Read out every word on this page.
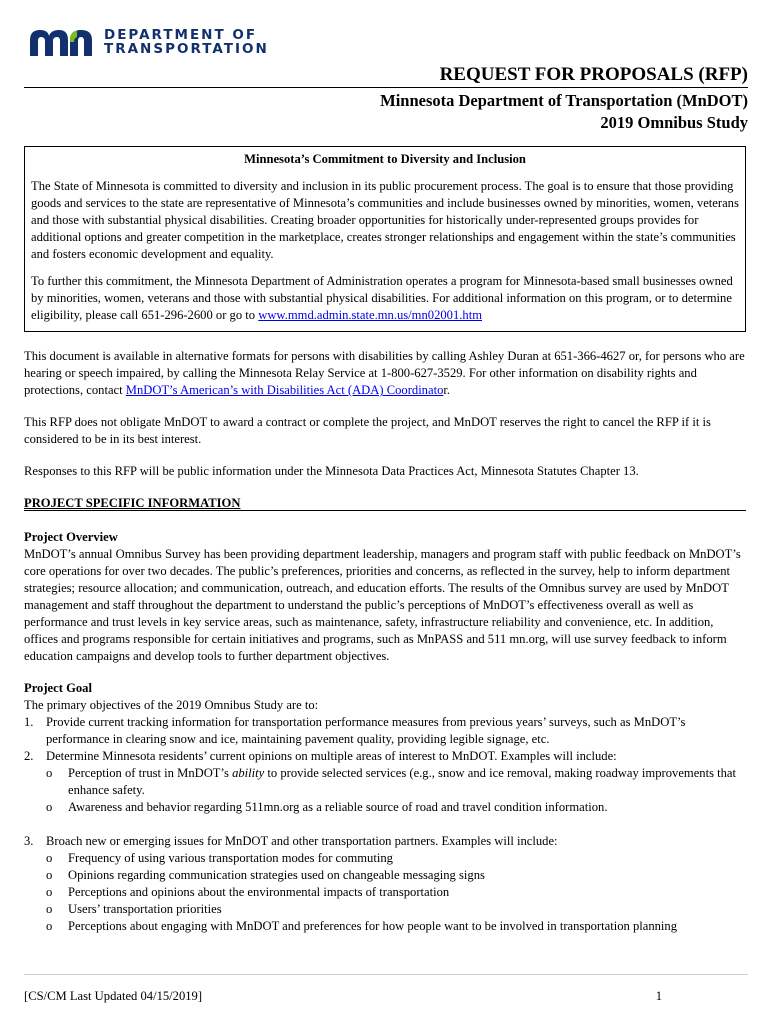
DEPARTMENT OF
TRANSPORTATION
REQUEST FOR PROPOSALS (RFP)
Minnesota Department of Transportation (MnDOT)
2019 Omnibus Study
Minnesota’s Commitment to Diversity and Inclusion

The State of Minnesota is committed to diversity and inclusion in its public procurement process. The goal is to ensure that those providing goods and services to the state are representative of Minnesota’s communities and include businesses owned by minorities, women, veterans and those with substantial physical disabilities. Creating broader opportunities for historically under-represented groups provides for additional options and greater competition in the marketplace, creates stronger relationships and engagement within the state’s communities and fosters economic development and equality.

To further this commitment, the Minnesota Department of Administration operates a program for Minnesota-based small businesses owned by minorities, women, veterans and those with substantial physical disabilities. For additional information on this program, or to determine eligibility, please call 651-296-2600 or go to www.mmd.admin.state.mn.us/mn02001.htm

This document is available in alternative formats for persons with disabilities by calling Ashley Duran at 651-366-4627 or, for persons who are hearing or speech impaired, by calling the Minnesota Relay Service at 1-800-627-3529. For other information on disability rights and protections, contact MnDOT’s American’s with Disabilities Act (ADA) Coordinator.

This RFP does not obligate MnDOT to award a contract or complete the project, and MnDOT reserves the right to cancel the RFP if it is considered to be in its best interest.

Responses to this RFP will be public information under the Minnesota Data Practices Act, Minnesota Statutes Chapter 13.

PROJECT SPECIFIC INFORMATION
Project Overview

MnDOT’s annual Omnibus Survey has been providing department leadership, managers and program staff with public feedback on MnDOT’s core operations for over two decades. The public’s preferences, priorities and concerns, as reflected in the survey, help to inform department strategies; resource allocation; and communication, outreach, and education efforts. The results of the Omnibus survey are used by MnDOT management and staff throughout the department to understand the public’s perceptions of MnDOT’s effectiveness overall as well as performance and trust levels in key service areas, such as maintenance, safety, infrastructure reliability and convenience, etc. In addition, offices and programs responsible for certain initiatives and programs, such as MnPASS and 511 mn.org, will use survey feedback to inform education campaigns and develop tools to further department objectives.

Project Goal
The primary objectives of the 2019 Omnibus Study are to:
1. Provide current tracking information for transportation performance measures from previous years’ surveys, such as MnDOT’s performance in clearing snow and ice, maintaining pavement quality, providing legible signage, etc.
2. Determine Minnesota residents’ current opinions on multiple areas of interest to MnDOT. Examples will include:
o Perception of trust in MnDOT’s ability to provide selected services (e.g., snow and ice removal, making roadway improvements that enhance safety.
o Awareness and behavior regarding 511mn.org as a reliable source of road and travel condition information.
3. Broach new or emerging issues for MnDOT and other transportation partners. Examples will include:
o Frequency of using various transportation modes for commuting
o Opinions regarding communication strategies used on changeable messaging signs
o Perceptions and opinions about the environmental impacts of transportation
o Users’ transportation priorities
o Perceptions about engaging with MnDOT and preferences for how people want to be involved in transportation planning
[CS/CM Last Updated 04/15/2019]	1
